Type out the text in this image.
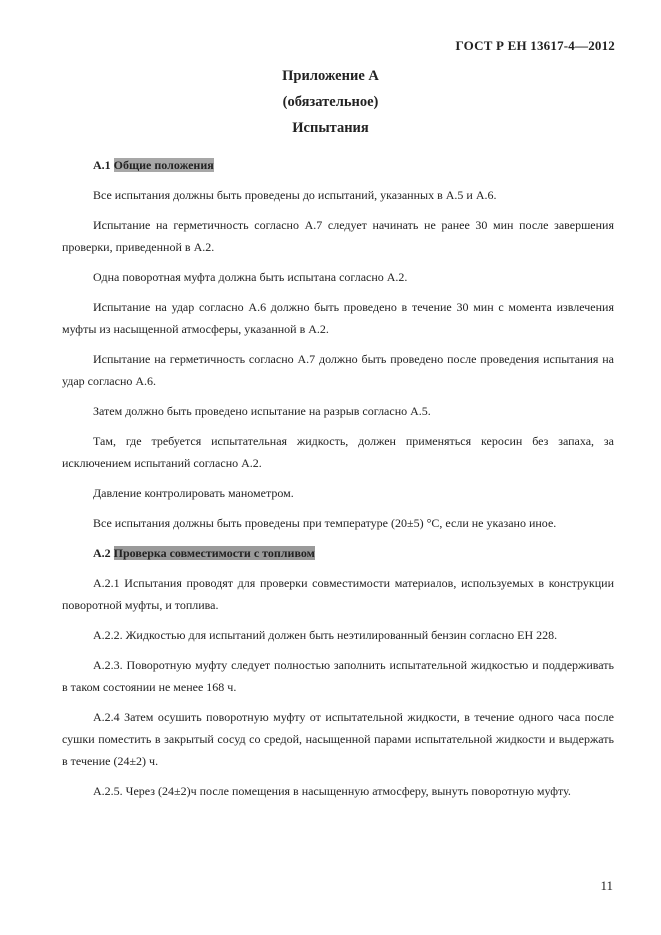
ГОСТ Р ЕН 13617-4—2012
Приложение А
(обязательное)
Испытания
А.1 Общие положения

Все испытания должны быть проведены до испытаний, указанных в А.5 и А.6.

Испытание на герметичность согласно А.7 следует начинать не ранее 30 мин после завершения проверки, приведенной в А.2.

Одна поворотная муфта должна быть испытана согласно А.2.

Испытание на удар согласно А.6 должно быть проведено в течение 30 мин с момента извлечения муфты из насыщенной атмосферы, указанной в А.2.

Испытание на герметичность согласно А.7 должно быть проведено после проведения испытания на удар согласно А.6.

Затем должно быть проведено испытание на разрыв согласно А.5.

Там, где требуется испытательная жидкость, должен применяться керосин без запаха, за исключением испытаний согласно А.2.

Давление контролировать манометром.

Все испытания должны быть проведены при температуре (20±5) °С, если не указано иное.

А.2 Проверка совместимости с топливом

А.2.1 Испытания проводят для проверки совместимости материалов, используемых в конструкции поворотной муфты, и топлива.

А.2.2. Жидкостью для испытаний должен быть неэтилированный бензин согласно ЕН 228.

А.2.3. Поворотную муфту следует полностью заполнить испытательной жидкостью и поддерживать в таком состоянии не менее 168 ч.

А.2.4 Затем осушить поворотную муфту от испытательной жидкости, в течение одного часа после сушки поместить в закрытый сосуд со средой, насыщенной парами испытательной жидкости и выдержать в течение (24±2) ч.

А.2.5. Через (24±2)ч после помещения в насыщенную атмосферу, вынуть поворотную муфту.

11
